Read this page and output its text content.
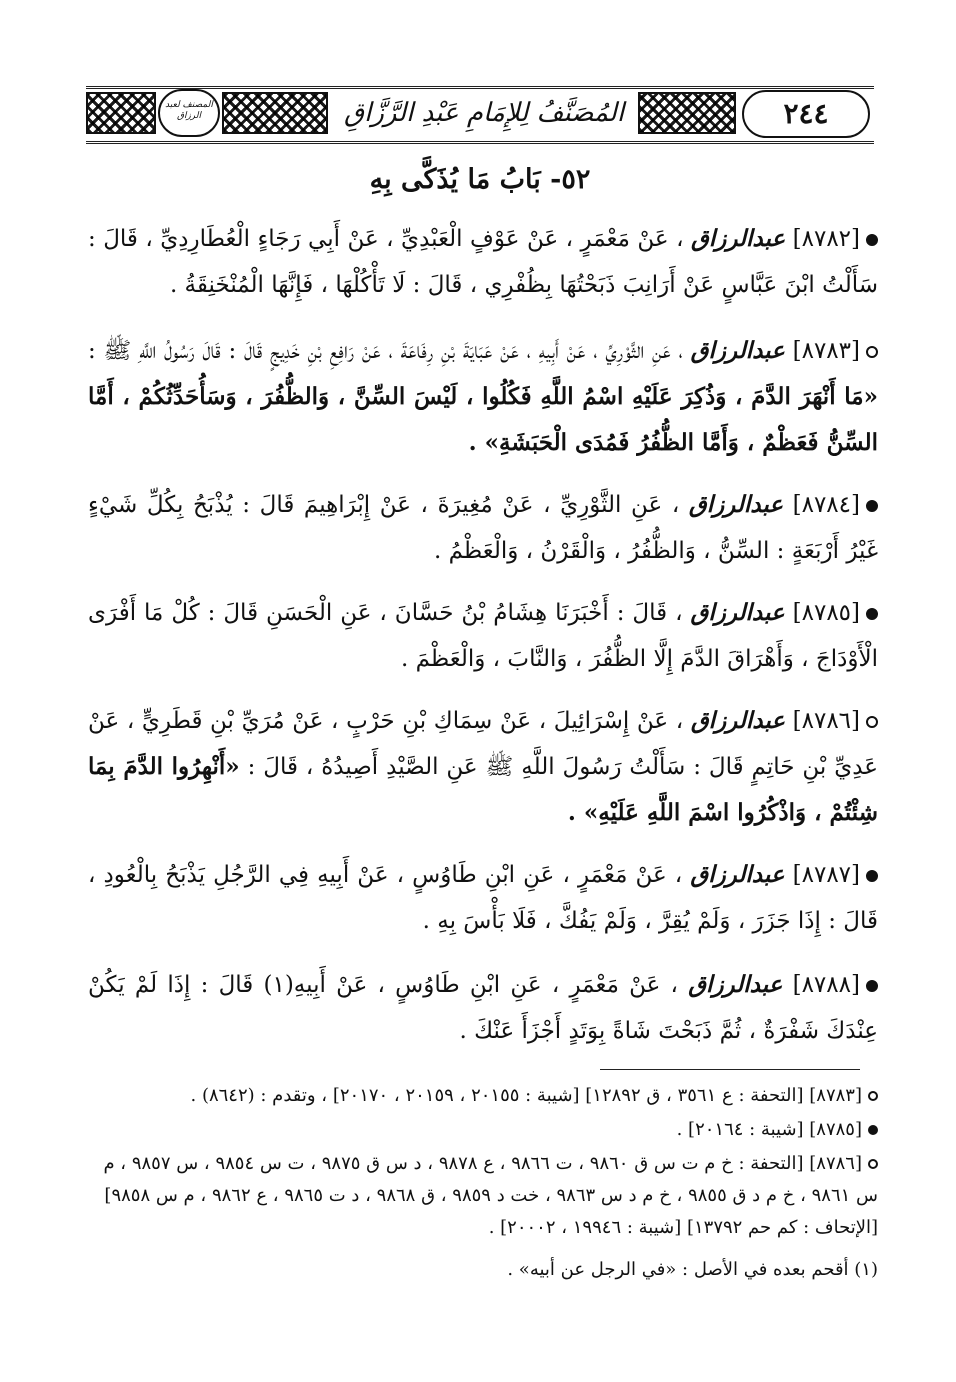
المصنف لعبد الرزاق	المُصَنَّفُ لِلإِمَامِ عَبْدِ الرَّزَّاقِ	٢٤٤
٥٢- بَابُ مَا يُذَكَّى بِهِ

[٨٧٨٢] عبدالرزاق ، عَنْ مَعْمَرٍ ، عَنْ عَوْفٍ الْعَبْدِيِّ ، عَنْ أَبِي رَجَاءٍ الْعُطَارِدِيِّ ، قَالَ : سَأَلْتُ ابْنَ عَبَّاسٍ عَنْ أَرَانِبَ ذَبَحْتُهَا بِظُفْرِي ، قَالَ : لَا تَأْكُلْهَا ، فَإِنَّهَا الْمُنْخَنِقَةُ .

[٨٧٨٣] عبدالرزاق ، عَنِ الثَّوْرِيِّ ، عَنْ أَبِيهِ ، عَنْ عَبَايَةَ بْنِ رِفَاعَةَ ، عَنْ رَافِعِ بْنِ خَدِيجٍ قَالَ : قَالَ رَسُولُ اللَّهِ ﷺ : «مَا أَنْهَرَ الدَّمَ ، وَذُكِرَ عَلَيْهِ اسْمُ اللَّهِ فَكُلُوا ، لَيْسَ السِّنَّ ، وَالظُّفُرَ ، وَسَأُحَدِّثُكُمْ ، أَمَّا السِّنُّ فَعَظْمٌ ، وَأَمَّا الظُّفُرُ فَمُدَى الْحَبَشَةِ» .

[٨٧٨٤] عبدالرزاق ، عَنِ الثَّوْرِيِّ ، عَنْ مُغِيرَةَ ، عَنْ إِبْرَاهِيمَ قَالَ : يُذْبَحُ بِكُلِّ شَيْءٍ غَيْرُ أَرْبَعَةٍ : السِّنُّ ، وَالظُّفُرُ ، وَالْقَرْنُ ، وَالْعَظْمُ .

[٨٧٨٥] عبدالرزاق ، قَالَ : أَخْبَرَنَا هِشَامُ بْنُ حَسَّانَ ، عَنِ الْحَسَنِ قَالَ : كُلْ مَا أَفْرَى الْأَوْدَاجَ ، وَأَهْرَاقَ الدَّمَ إِلَّا الظُّفُرَ ، وَالنَّابَ ، وَالْعَظْمَ .

[٨٧٨٦] عبدالرزاق ، عَنْ إِسْرَائِيلَ ، عَنْ سِمَاكِ بْنِ حَرْبٍ ، عَنْ مُرَيِّ بْنِ قَطَرِيٍّ ، عَنْ عَدِيِّ بْنِ حَاتِمٍ قَالَ : سَأَلْتُ رَسُولَ اللَّهِ ﷺ عَنِ الصَّيْدِ أَصِيدُهُ ، قَالَ : «أَنْهِرُوا الدَّمَ بِمَا شِئْتُمْ ، وَاذْكُرُوا اسْمَ اللَّهِ عَلَيْهِ» .

[٨٧٨٧] عبدالرزاق ، عَنْ مَعْمَرٍ ، عَنِ ابْنِ طَاوُسٍ ، عَنْ أَبِيهِ فِي الرَّجُلِ يَذْبَحُ بِالْعُودِ ، قَالَ : إِذَا جَزَرَ ، وَلَمْ يُقِرَّ ، وَلَمْ يَفُكَّ ، فَلَا بَأْسَ بِهِ .

[٨٧٨٨] عبدالرزاق ، عَنْ مَعْمَرٍ ، عَنِ ابْنِ طَاوُسٍ ، عَنْ أَبِيهِ(١) قَالَ : إِذَا لَمْ يَكُنْ عِنْدَكَ شَفْرَةٌ ، ثُمَّ ذَبَحْتَ شَاةً بِوَتَدٍ أَجْزَأَ عَنْكَ .

[٨٧٨٣] [التحفة : ع ٣٥٦١ ، ق ١٢٨٩٢] [شيبة : ٢٠١٥٥ ، ٢٠١٥٩ ، ٢٠١٧٠] ، وتقدم : (٨٦٤٢) .
[٨٧٨٥] [شيبة : ٢٠١٦٤] .
[٨٧٨٦] [التحفة : خ م ت س ق ٩٨٦٠ ، ت ٩٨٦٦ ، ع ٩٨٧٨ ، د س ق ٩٨٧٥ ، ت س ٩٨٥٤ ، س ٩٨٥٧ ، م س ٩٨٦١ ، خ م د ق ٩٨٥٥ ، خ م د س ٩٨٦٣ ، خت د ٩٨٥٩ ، ق ٩٨٦٨ ، د ت ٩٨٦٥ ، ع ٩٨٦٢ ، م س ٩٨٥٨] [الإتحاف : كم حم ١٣٧٩٢] [شيبة : ١٩٩٤٦ ، ٢٠٠٠٢] .
(١) أقحم بعده في الأصل : «في الرجل عن أبيه» .
